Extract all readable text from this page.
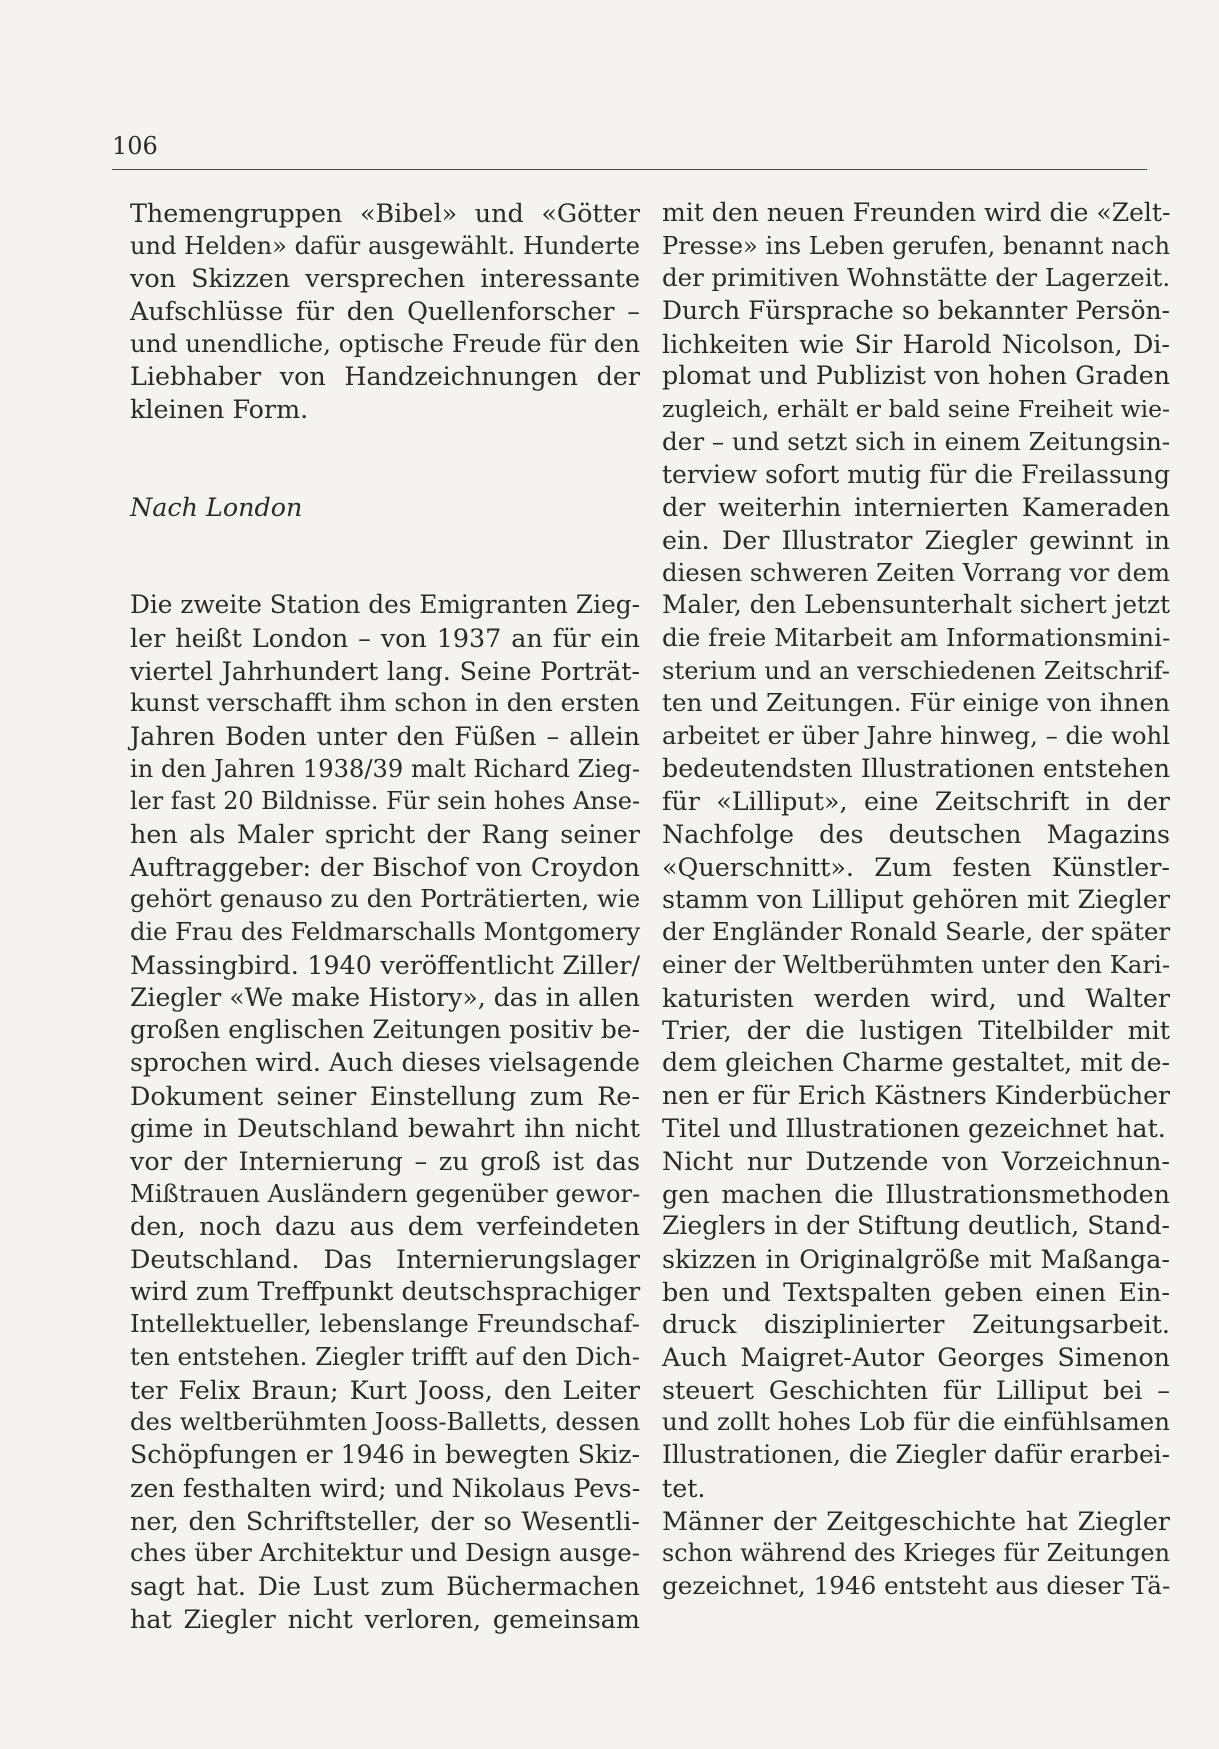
106
Themengruppen «Bibel» und «Götter
und Helden» dafür ausgewählt. Hunderte
von Skizzen versprechen interessante
Aufschlüsse für den Quellenforscher –
und unendliche, optische Freude für den
Liebhaber von Handzeichnungen der
kleinen Form.
Nach London
Die zweite Station des Emigranten Zieg-
ler heißt London – von 1937 an für ein
viertel Jahrhundert lang. Seine Porträt-
kunst verschafft ihm schon in den ersten
Jahren Boden unter den Füßen – allein
in den Jahren 1938/39 malt Richard Zieg-
ler fast 20 Bildnisse. Für sein hohes Anse-
hen als Maler spricht der Rang seiner
Auftraggeber: der Bischof von Croydon
gehört genauso zu den Porträtierten, wie
die Frau des Feldmarschalls Montgomery
Massingbird. 1940 veröffentlicht Ziller/
Ziegler «We make History», das in allen
großen englischen Zeitungen positiv be-
sprochen wird. Auch dieses vielsagende
Dokument seiner Einstellung zum Re-
gime in Deutschland bewahrt ihn nicht
vor der Internierung – zu groß ist das
Mißtrauen Ausländern gegenüber gewor-
den, noch dazu aus dem verfeindeten
Deutschland. Das Internierungslager
wird zum Treffpunkt deutschsprachiger
Intellektueller, lebenslange Freundschaf-
ten entstehen. Ziegler trifft auf den Dich-
ter Felix Braun; Kurt Jooss, den Leiter
des weltberühmten Jooss-Balletts, dessen
Schöpfungen er 1946 in bewegten Skiz-
zen festhalten wird; und Nikolaus Pevs-
ner, den Schriftsteller, der so Wesentli-
ches über Architektur und Design ausge-
sagt hat. Die Lust zum Büchermachen
hat Ziegler nicht verloren, gemeinsam
mit den neuen Freunden wird die «Zelt-
Presse» ins Leben gerufen, benannt nach
der primitiven Wohnstätte der Lagerzeit.
Durch Fürsprache so bekannter Persön-
lichkeiten wie Sir Harold Nicolson, Di-
plomat und Publizist von hohen Graden
zugleich, erhält er bald seine Freiheit wie-
der – und setzt sich in einem Zeitungsin-
terview sofort mutig für die Freilassung
der weiterhin internierten Kameraden
ein. Der Illustrator Ziegler gewinnt in
diesen schweren Zeiten Vorrang vor dem
Maler, den Lebensunterhalt sichert jetzt
die freie Mitarbeit am Informationsmini-
sterium und an verschiedenen Zeitschrif-
ten und Zeitungen. Für einige von ihnen
arbeitet er über Jahre hinweg, – die wohl
bedeutendsten Illustrationen entstehen
für «Lilliput», eine Zeitschrift in der
Nachfolge des deutschen Magazins
«Querschnitt». Zum festen Künstler-
stamm von Lilliput gehören mit Ziegler
der Engländer Ronald Searle, der später
einer der Weltberühmten unter den Kari-
katuristen werden wird, und Walter
Trier, der die lustigen Titelbilder mit
dem gleichen Charme gestaltet, mit de-
nen er für Erich Kästners Kinderbücher
Titel und Illustrationen gezeichnet hat.
Nicht nur Dutzende von Vorzeichnun-
gen machen die Illustrationsmethoden
Zieglers in der Stiftung deutlich, Stand-
skizzen in Originalgröße mit Maßanga-
ben und Textspalten geben einen Ein-
druck disziplinierter Zeitungsarbeit.
Auch Maigret-Autor Georges Simenon
steuert Geschichten für Lilliput bei –
und zollt hohes Lob für die einfühlsamen
Illustrationen, die Ziegler dafür erarbei-
tet.
Männer der Zeitgeschichte hat Ziegler
schon während des Krieges für Zeitungen
gezeichnet, 1946 entsteht aus dieser Tä-
